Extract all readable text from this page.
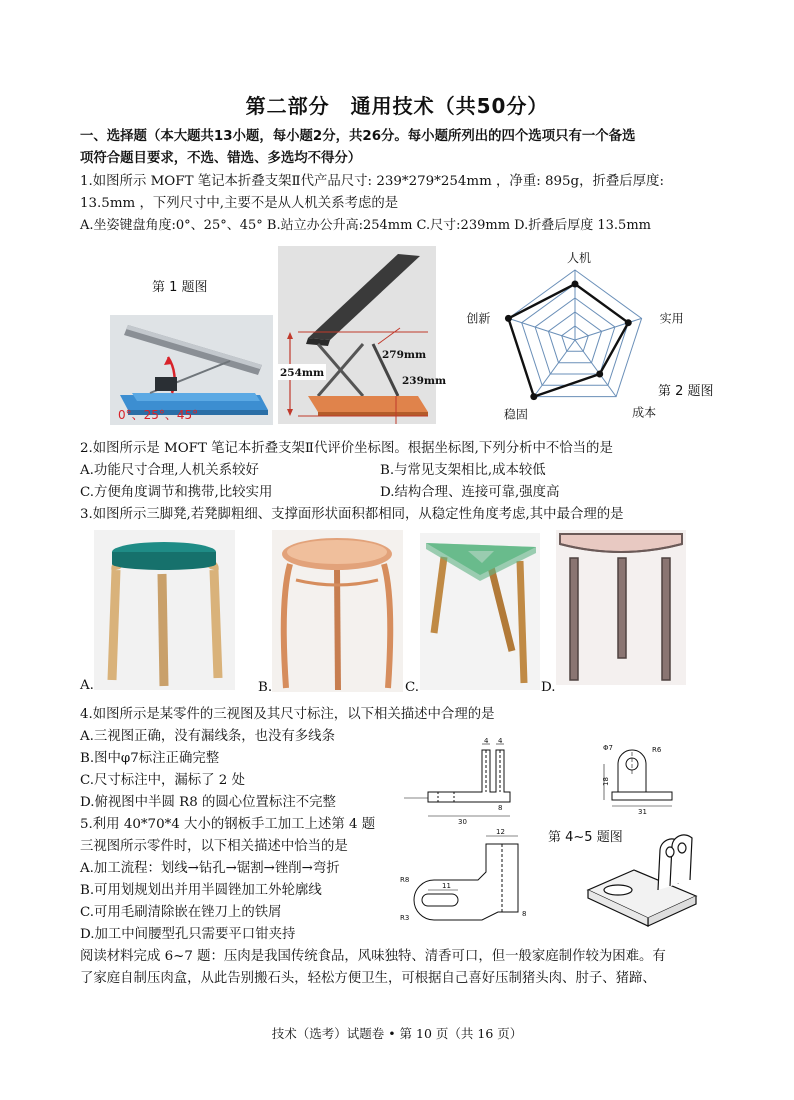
第二部分　通用技术（共50分）
一、选择题（本大题共13小题，每小题2分，共26分。每小题所列出的四个选项只有一个备选
项符合题目要求，不选、错选、多选均不得分）
1.如图所示 MOFT 笔记本折叠支架Ⅱ代产品尺寸: 239*279*254mm ，净重: 895g，折叠后厚度:
13.5mm ，下列尺寸中,主要不是从人机关系考虑的是
A.坐姿键盘角度:0°、25°、45° B.站立办公升高:254mm C.尺寸:239mm D.折叠后厚度 13.5mm
第 1 题图
0°、25°、45°
254mm
279mm
239mm
人机
实用
成本
稳固
创新
第 2 题图
2.如图所示是 MOFT 笔记本折叠支架Ⅱ代评价坐标图。根据坐标图,下列分析中不恰当的是
A.功能尺寸合理,人机关系较好	B.与常见支架相比,成本较低
C.方便角度调节和携带,比较实用	D.结构合理、连接可靠,强度高
3.如图所示三脚凳,若凳脚粗细、支撑面形状面积都相同，从稳定性角度考虑,其中最合理的是
A.	B.	C.	D.
4.如图所示是某零件的三视图及其尺寸标注，以下相关描述中合理的是
A.三视图正确，没有漏线条，也没有多线条
B.图中φ7标注正确完整
C.尺寸标注中，漏标了 2 处
D.俯视图中半圆 R8 的圆心位置标注不完整
5.利用 40*70*4 大小的钢板手工加工上述第 4 题
三视图所示零件时，以下相关描述中恰当的是
A.加工流程：划线→钻孔→锯割→锉削→弯折
B.可用划规划出并用半圆锉加工外轮廓线
C.可用毛刷清除嵌在锉刀上的铁屑
D.加工中间腰型孔只需要平口钳夹持
第 4~5 题图
4 4
30
8
Φ7	R6
18
31
12
11
R8
R3	8
阅读材料完成 6~7 题：压肉是我国传统食品，风味独特、清香可口，但一般家庭制作较为困难。有
了家庭自制压肉盒，从此告别搬石头，轻松方便卫生，可根据自己喜好压制猪头肉、肘子、猪蹄、
技术（选考）试题卷 • 第 10 页（共 16 页）
